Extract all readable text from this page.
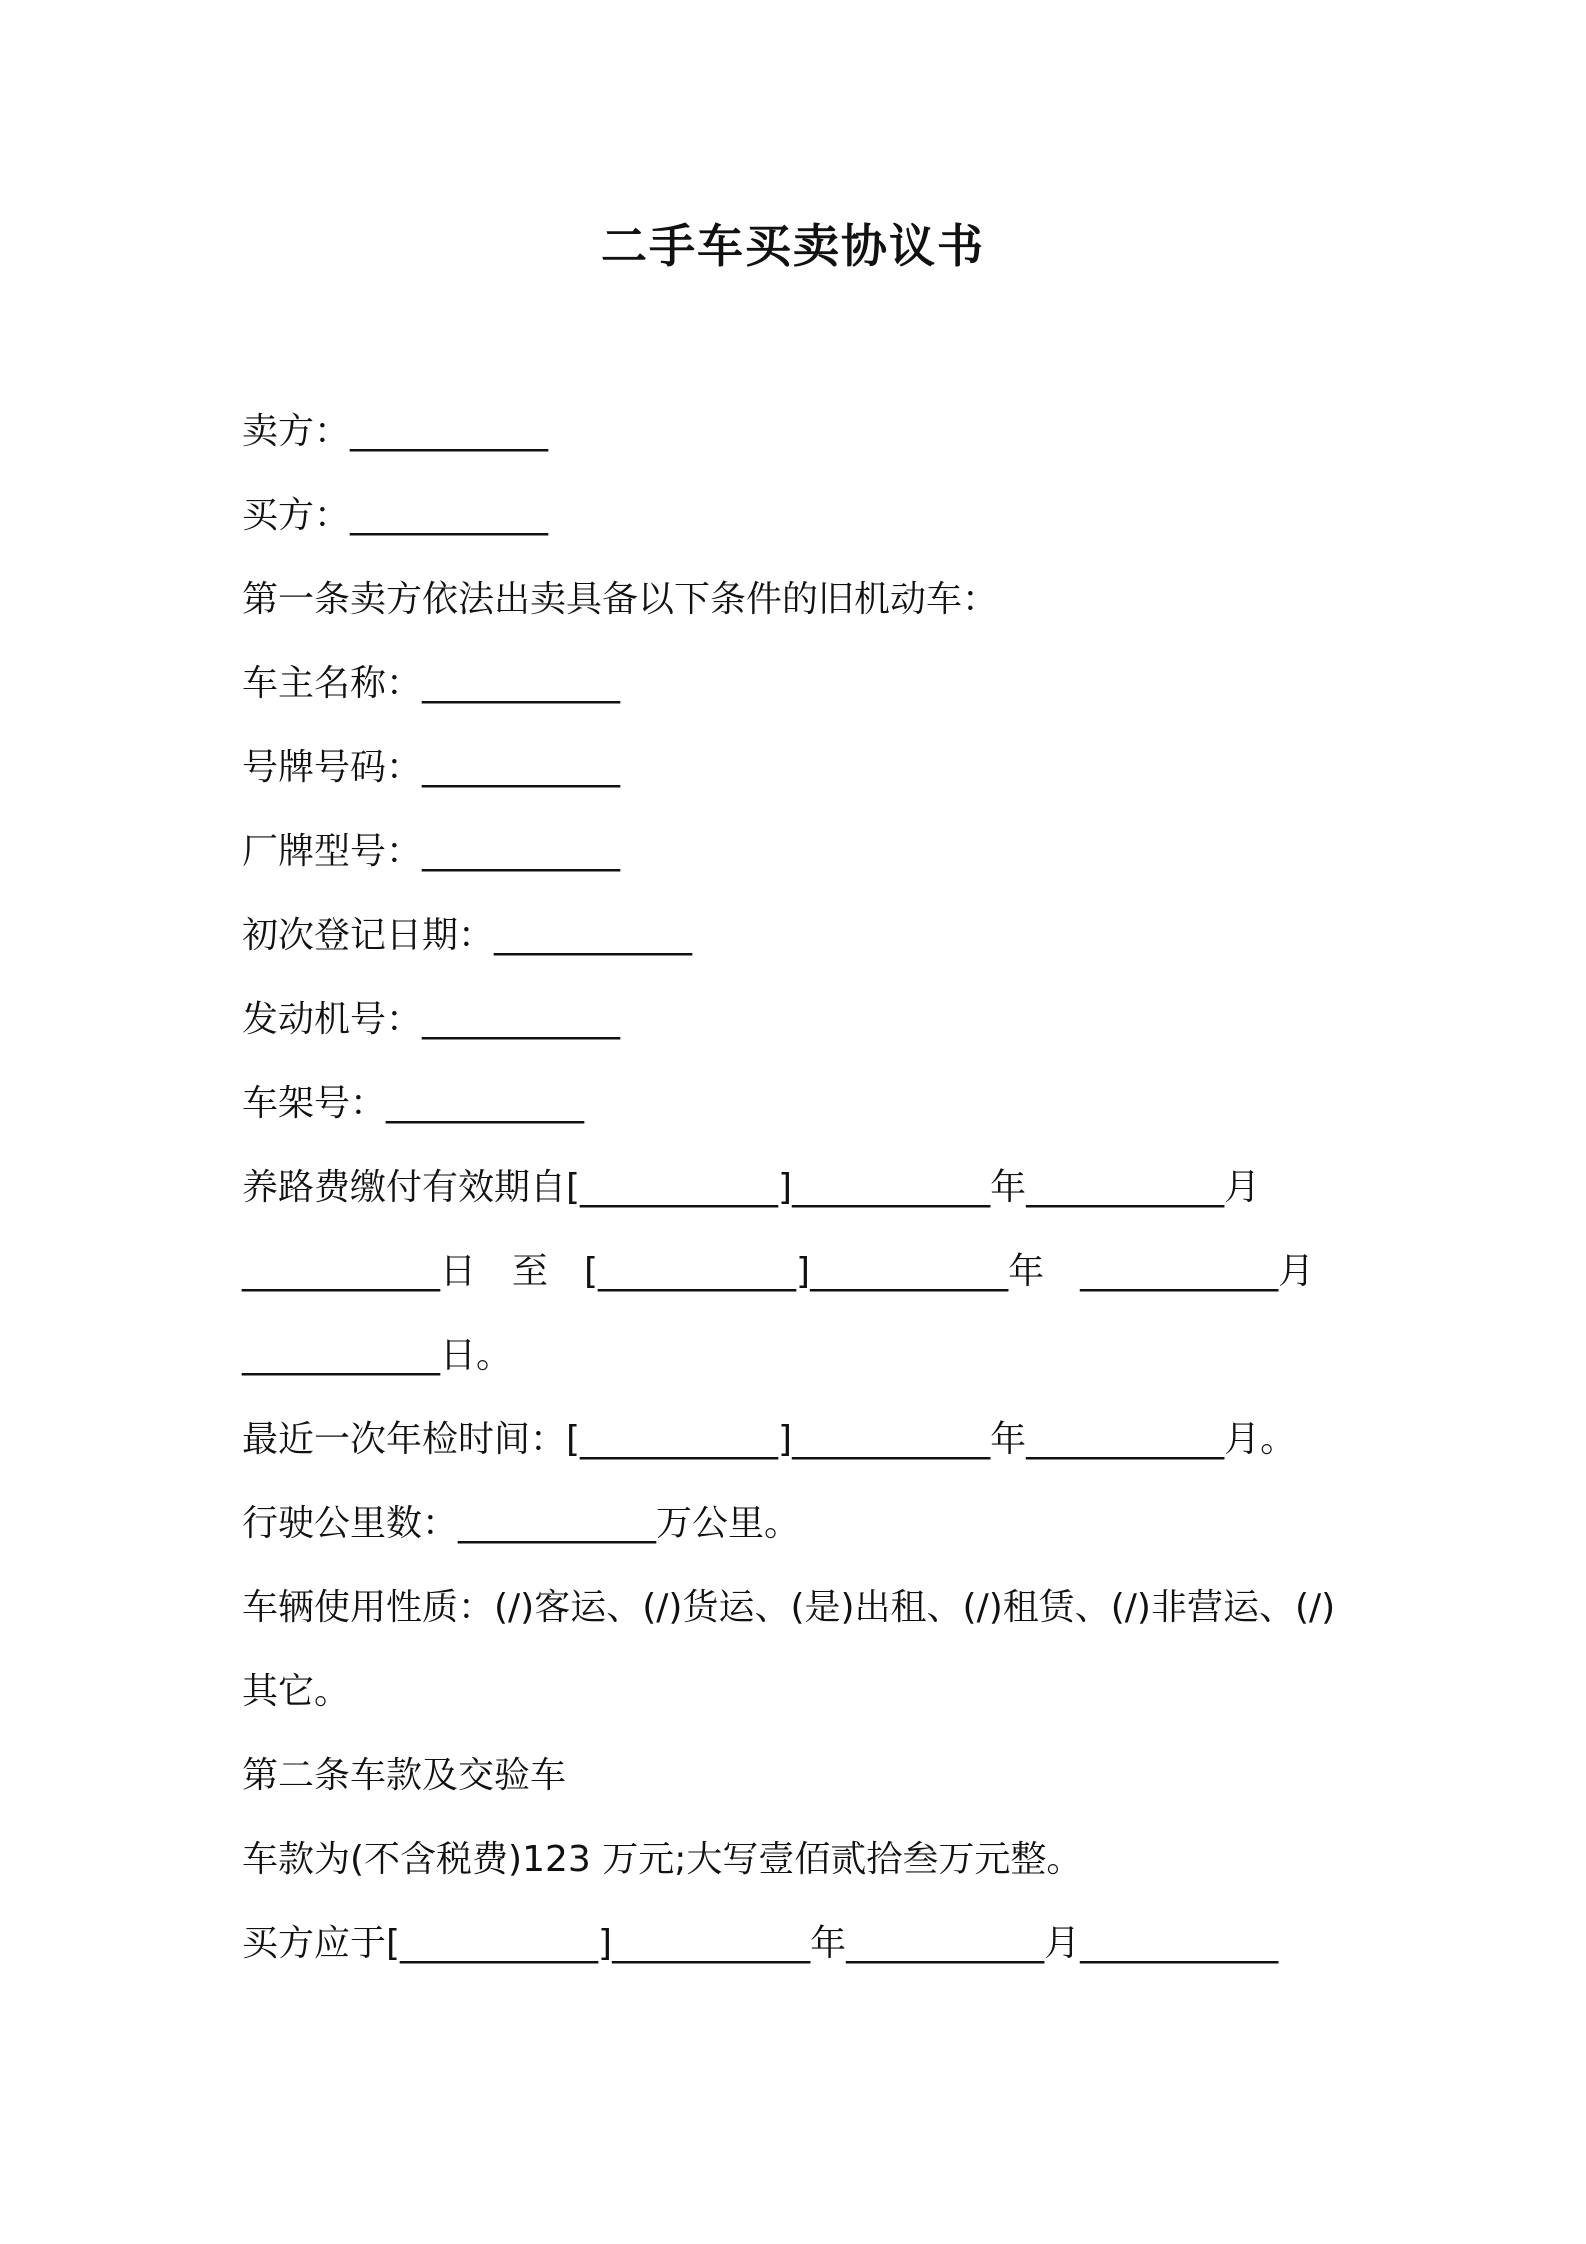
二手车买卖协议书
卖方：___________
买方：___________
第一条卖方依法出卖具备以下条件的旧机动车：
车主名称：___________
号牌号码：___________
厂牌型号：___________
初次登记日期：___________
发动机号：___________
车架号：___________
养路费缴付有效期自[___________]___________年___________月
___________日　至　[___________]___________年　___________月
___________日。
最近一次年检时间：[___________]___________年___________月。
行驶公里数：___________万公里。
车辆使用性质：(/)客运、(/)货运、(是)出租、(/)租赁、(/)非营运、(/)
其它。
第二条车款及交验车
车款为(不含税费)123 万元;大写壹佰贰拾叁万元整。
买方应于[___________]___________年___________月___________
